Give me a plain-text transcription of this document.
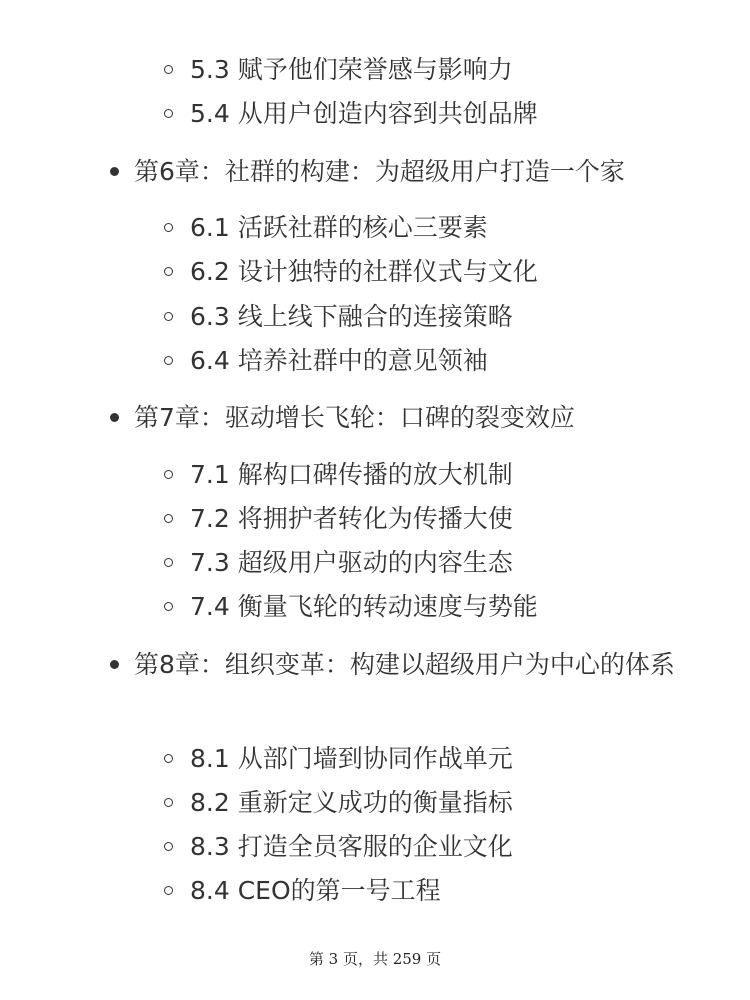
5.3 赋予他们荣誉感与影响力
5.4 从用户创造内容到共创品牌
第6章：社群的构建：为超级用户打造一个家
6.1 活跃社群的核心三要素
6.2 设计独特的社群仪式与文化
6.3 线上线下融合的连接策略
6.4 培养社群中的意见领袖
第7章：驱动增长飞轮：口碑的裂变效应
7.1 解构口碑传播的放大机制
7.2 将拥护者转化为传播大使
7.3 超级用户驱动的内容生态
7.4 衡量飞轮的转动速度与势能
第8章：组织变革：构建以超级用户为中心的体系
8.1 从部门墙到协同作战单元
8.2 重新定义成功的衡量指标
8.3 打造全员客服的企业文化
8.4 CEO的第一号工程
第 3 页，共 259 页
